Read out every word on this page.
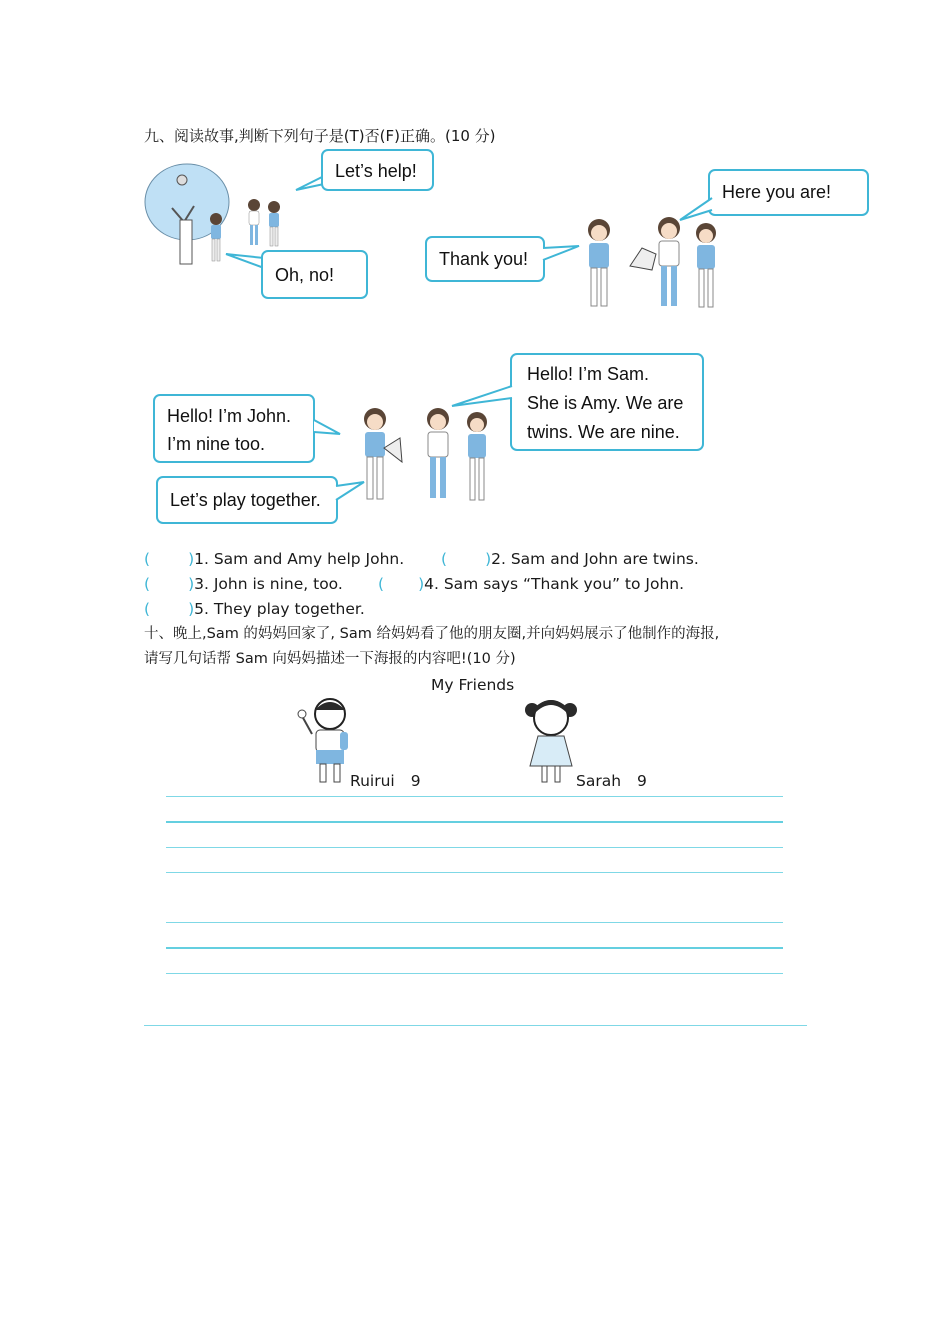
九、阅读故事,判断下列句子是(T)否(F)正确。(10 分)
Let’s help!
Oh, no!
Here you are!
Thank you!
Hello! I’m John.
I’m nine too.
Hello! I’m Sam.
She is Amy. We are
twins. We are nine.
Let’s play together.
( )1. Sam and Amy help John. ( )2. Sam and John are twins.
( )3. John is nine, too. ( )4. Sam says “Thank you” to John.
( )5. They play together.
十、晚上,Sam 的妈妈回家了, Sam 给妈妈看了他的朋友圈,并向妈妈展示了他制作的海报,
请写几句话帮 Sam 向妈妈描述一下海报的内容吧!(10 分)
My Friends
Ruirui 9	Sarah 9
